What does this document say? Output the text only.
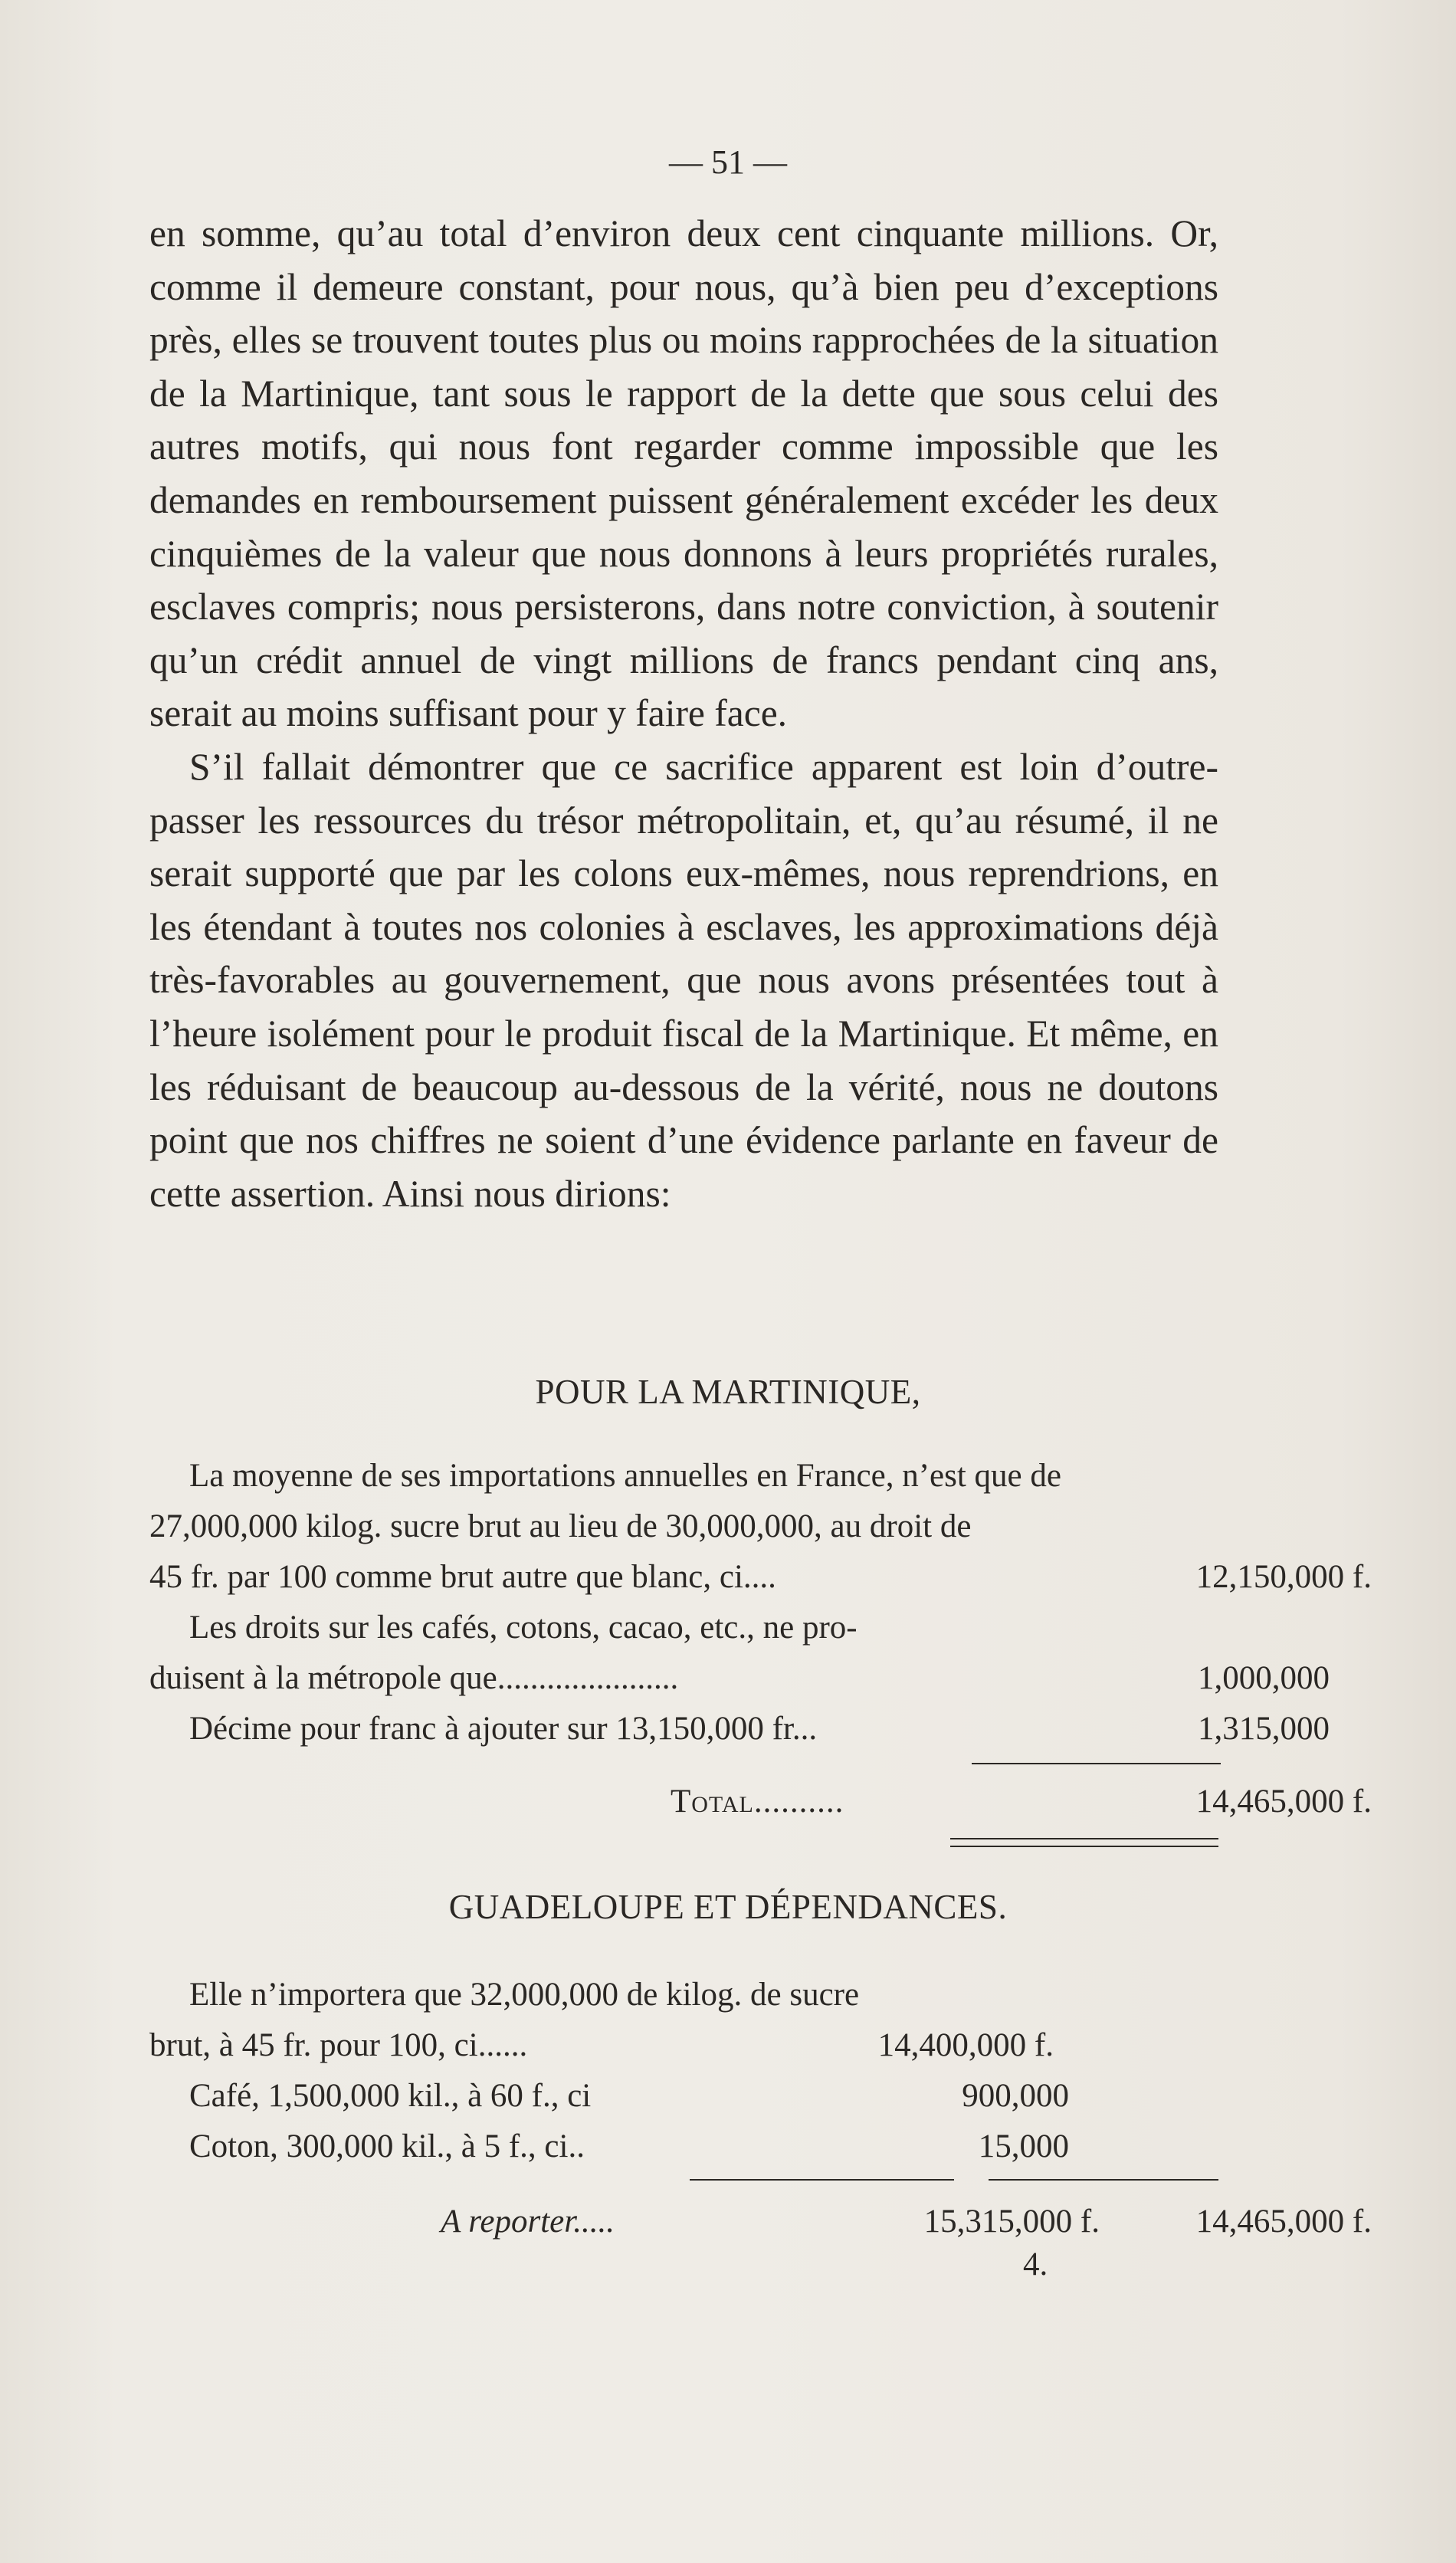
— 51 —

en somme, qu’au total d’environ deux cent cinquante millions. Or, comme il demeure constant, pour nous, qu’à bien peu d’exceptions près, elles se trouvent toutes plus ou moins rapprochées de la situation de la Martinique, tant sous le rapport de la dette que sous celui des autres motifs, qui nous font regarder comme impossible que les demandes en remboursement puissent généralement excéder les deux cinquièmes de la valeur que nous donnons à leurs propriétés rurales, esclaves compris; nous persisterons, dans notre conviction, à soutenir qu’un crédit annuel de vingt millions de francs pendant cinq ans, serait au moins suffisant pour y faire face.

S’il fallait démontrer que ce sacrifice apparent est loin d’outrepasser les ressources du trésor métropolitain, et, qu’au résumé, il ne serait supporté que par les colons eux-mêmes, nous reprendrions, en les étendant à toutes nos colonies à esclaves, les approximations déjà très-favorables au gouvernement, que nous avons présentées tout à l’heure isolément pour le produit fiscal de la Martinique. Et même, en les réduisant de beaucoup au-dessous de la vérité, nous ne doutons point que nos chiffres ne soient d’une évidence parlante en faveur de cette assertion. Ainsi nous dirions:

POUR LA MARTINIQUE,
La moyenne de ses importations annuelles en France, n’est que de
27,000,000 kilog. sucre brut au lieu de 30,000,000, au droit de
45 fr. par 100 comme brut autre que blanc, ci....	12,150,000 f.
Les droits sur les cafés, cotons, cacao, etc., ne pro-
duisent à la métropole que......................	1,000,000
Décime pour franc à ajouter sur 13,150,000 fr...	1,315,000
Total..........	14,465,000 f.
GUADELOUPE ET DÉPENDANCES.
Elle n’importera que 32,000,000 de kilog. de sucre
brut, à 45 fr. pour 100, ci......	14,400,000 f.
Café, 1,500,000 kil., à 60 f., ci	900,000
Coton, 300,000 kil., à 5 f., ci..	15,000
A reporter.....	15,315,000 f.	14,465,000 f.
4.
